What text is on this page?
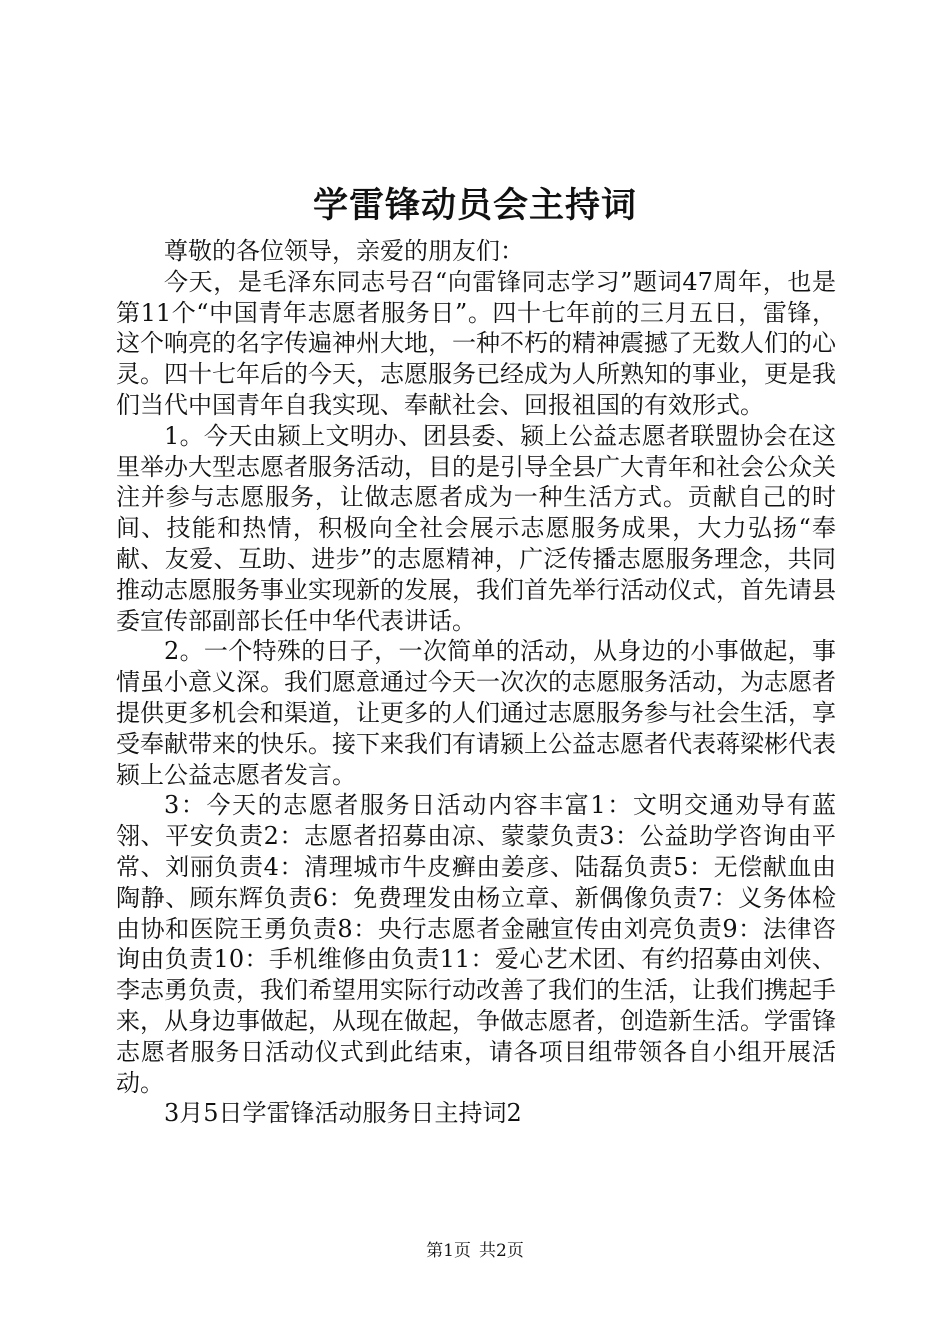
学雷锋动员会主持词

尊敬的各位领导，亲爱的朋友们：

今天，是毛泽东同志号召“向雷锋同志学习”题词47周年，也是第11个“中国青年志愿者服务日”。四十七年前的三月五日，雷锋，这个响亮的名字传遍神州大地，一种不朽的精神震撼了无数人们的心灵。四十七年后的今天，志愿服务已经成为人所熟知的事业，更是我们当代中国青年自我实现、奉献社会、回报祖国的有效形式。

1。今天由颍上文明办、团县委、颍上公益志愿者联盟协会在这里举办大型志愿者服务活动，目的是引导全县广大青年和社会公众关注并参与志愿服务，让做志愿者成为一种生活方式。贡献自己的时间、技能和热情，积极向全社会展示志愿服务成果，大力弘扬“奉献、友爱、互助、进步”的志愿精神，广泛传播志愿服务理念，共同推动志愿服务事业实现新的发展，我们首先举行活动仪式，首先请县委宣传部副部长任中华代表讲话。

2。一个特殊的日子，一次简单的活动，从身边的小事做起，事情虽小意义深。我们愿意通过今天一次次的志愿服务活动，为志愿者提供更多机会和渠道，让更多的人们通过志愿服务参与社会生活，享受奉献带来的快乐。接下来我们有请颍上公益志愿者代表蒋梁彬代表颍上公益志愿者发言。

3：今天的志愿者服务日活动内容丰富1：文明交通劝导有蓝翎、平安负责2：志愿者招募由凉、蒙蒙负责3：公益助学咨询由平常、刘丽负责4：清理城市牛皮癣由姜彦、陆磊负责5：无偿献血由陶静、顾东辉负责6：免费理发由杨立章、新偶像负责7：义务体检由协和医院王勇负责8：央行志愿者金融宣传由刘亮负责9：法律咨询由负责10：手机维修由负责11：爱心艺术团、有约招募由刘侠、李志勇负责，我们希望用实际行动改善了我们的生活，让我们携起手来，从身边事做起，从现在做起，争做志愿者，创造新生活。学雷锋志愿者服务日活动仪式到此结束，请各项目组带领各自小组开展活动。

3月5日学雷锋活动服务日主持词2

第1页 共2页
